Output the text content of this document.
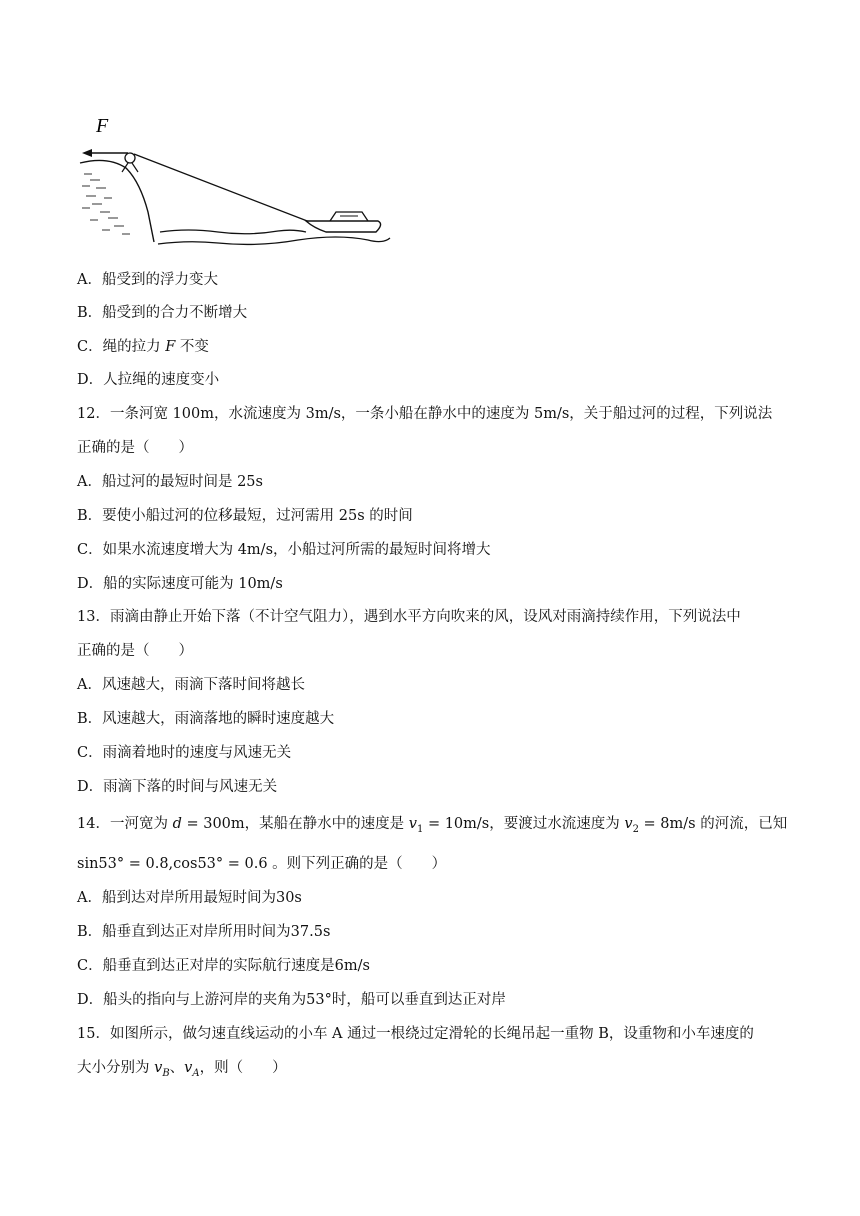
F
A．船受到的浮力变大
B．船受到的合力不断增大
C．绳的拉力 F 不变
D．人拉绳的速度变小
12．一条河宽 100m，水流速度为 3m/s，一条小船在静水中的速度为 5m/s，关于船过河的过程，下列说法
正确的是（　　）
A．船过河的最短时间是 25s
B．要使小船过河的位移最短，过河需用 25s 的时间
C．如果水流速度增大为 4m/s，小船过河所需的最短时间将增大
D．船的实际速度可能为 10m/s
13．雨滴由静止开始下落（不计空气阻力），遇到水平方向吹来的风，设风对雨滴持续作用，下列说法中
正确的是（　　）
A．风速越大，雨滴下落时间将越长
B．风速越大，雨滴落地的瞬时速度越大
C．雨滴着地时的速度与风速无关
D．雨滴下落的时间与风速无关
14．一河宽为 d = 300m，某船在静水中的速度是 $v_1 = 10m/s$，要渡过水流速度为 $v_2 = 8m/s$ 的河流，已知
sin53° = 0.8,cos53° = 0.6 。则下列正确的是（　　）
A．船到达对岸所用最短时间为30s
B．船垂直到达正对岸所用时间为37.5s
C．船垂直到达正对岸的实际航行速度是6m/s
D．船头的指向与上游河岸的夹角为53°时，船可以垂直到达正对岸
15．如图所示，做匀速直线运动的小车 A 通过一根绕过定滑轮的长绳吊起一重物 B，设重物和小车速度的
大小分别为 $v_B$、$v_A$，则（　　）
